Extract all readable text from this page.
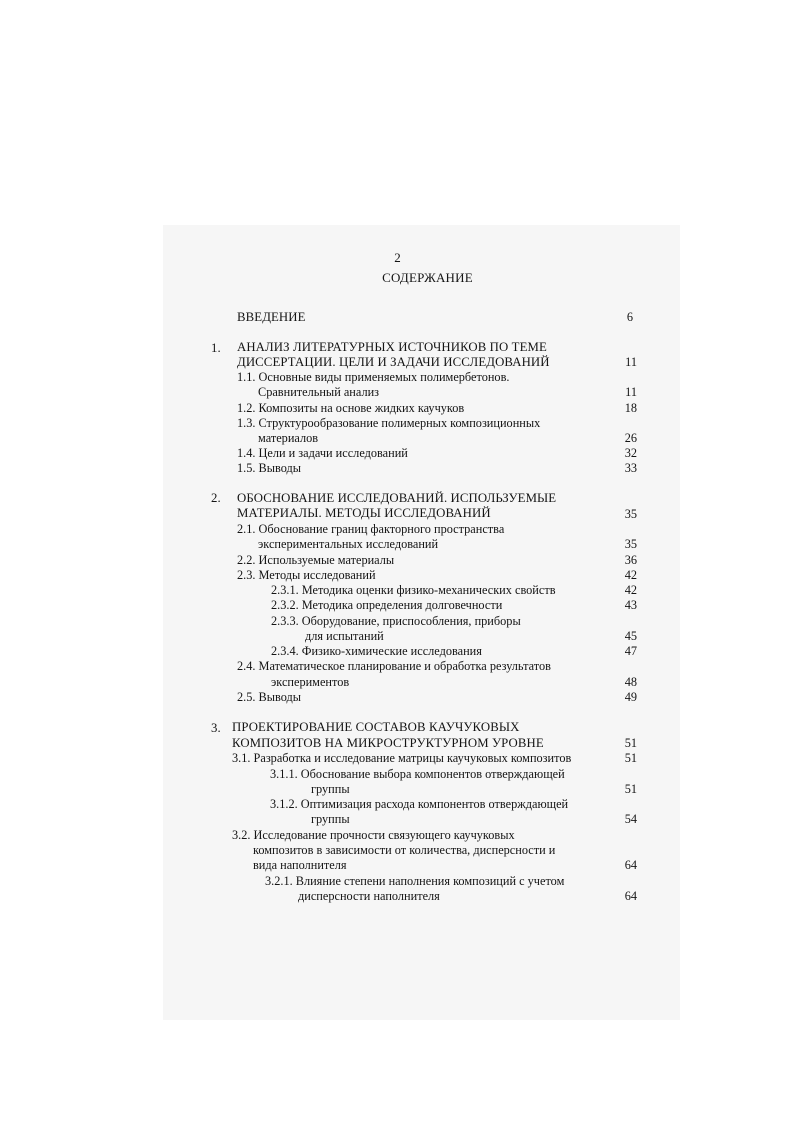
2
СОДЕРЖАНИЕ
ВВЕДЕНИЕ	6
1. АНАЛИЗ ЛИТЕРАТУРНЫХ ИСТОЧНИКОВ ПО ТЕМЕ
ДИССЕРТАЦИИ. ЦЕЛИ И ЗАДАЧИ ИССЛЕДОВАНИЙ	11
1.1. Основные виды применяемых полимербетонов.
Сравнительный анализ	11
1.2. Композиты на основе жидких каучуков	18
1.3. Структурообразование полимерных композиционных
материалов	26
1.4. Цели и задачи исследований	32
1.5. Выводы	33
2. ОБОСНОВАНИЕ ИССЛЕДОВАНИЙ. ИСПОЛЬЗУЕМЫЕ
МАТЕРИАЛЫ. МЕТОДЫ ИССЛЕДОВАНИЙ	35
2.1. Обоснование границ факторного пространства
экспериментальных исследований	35
2.2. Используемые материалы	36
2.3. Методы исследований	42
2.3.1. Методика оценки физико-механических свойств	42
2.3.2. Методика определения долговечности	43
2.3.3. Оборудование, приспособления, приборы
для испытаний	45
2.3.4. Физико-химические исследования	47
2.4. Математическое планирование и обработка результатов
экспериментов	48
2.5. Выводы	49
3. ПРОЕКТИРОВАНИЕ СОСТАВОВ КАУЧУКОВЫХ
КОМПОЗИТОВ НА МИКРОСТРУКТУРНОМ УРОВНЕ	51
3.1. Разработка и исследование матрицы каучуковых композитов	51
3.1.1. Обоснование выбора компонентов отверждающей
группы	51
3.1.2. Оптимизация расхода компонентов отверждающей
группы	54
3.2. Исследование прочности связующего каучуковых
композитов в зависимости от количества, дисперсности и
вида наполнителя	64
3.2.1. Влияние степени наполнения композиций с учетом
дисперсности наполнителя	64
